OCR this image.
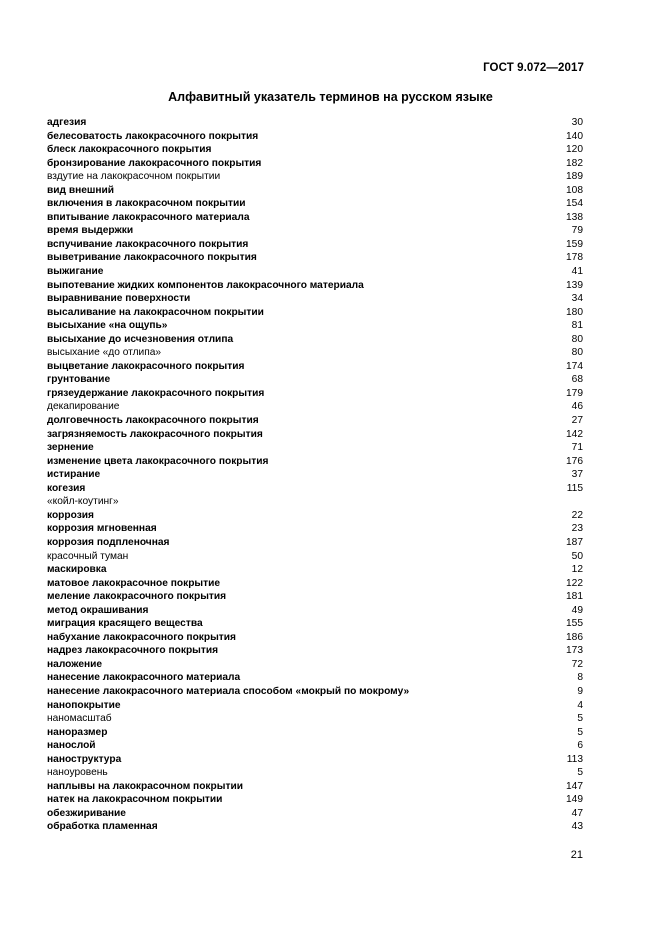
ГОСТ 9.072—2017
Алфавитный указатель терминов на русском языке
адгезия	30
белесоватость лакокрасочного покрытия	140
блеск лакокрасочного покрытия	120
бронзирование лакокрасочного покрытия	182
вздутие на лакокрасочном покрытии	189
вид внешний	108
включения в лакокрасочном покрытии	154
впитывание лакокрасочного материала	138
время выдержки	79
вспучивание лакокрасочного покрытия	159
выветривание лакокрасочного покрытия	178
выжигание	41
выпотевание жидких компонентов лакокрасочного материала	139
выравнивание поверхности	34
высаливание на лакокрасочном покрытии	180
высыхание «на ощупь»	81
высыхание до исчезновения отлипа	80
высыхание «до отлипа»	80
выцветание лакокрасочного покрытия	174
грунтование	68
грязеудержание лакокрасочного покрытия	179
декапирование	46
долговечность лакокрасочного покрытия	27
загрязняемость лакокрасочного покрытия	142
зернение	71
изменение цвета лакокрасочного покрытия	176
истирание	37
когезия	115
«койл-коутинг»
коррозия	22
коррозия мгновенная	23
коррозия подпленочная	187
красочный туман	50
маскировка	12
матовое лакокрасочное покрытие	122
меление лакокрасочного покрытия	181
метод окрашивания	49
миграция красящего вещества	155
набухание лакокрасочного покрытия	186
надрез лакокрасочного покрытия	173
наложение	72
нанесение лакокрасочного материала	8
нанесение лакокрасочного материала способом «мокрый по мокрому»	9
нанопокрытие	4
наномасштаб	5
наноразмер	5
нанослой	6
наноструктура	113
наноуровень	5
наплывы на лакокрасочном покрытии	147
натек на лакокрасочном покрытии	149
обезжиривание	47
обработка пламенная	43
21
